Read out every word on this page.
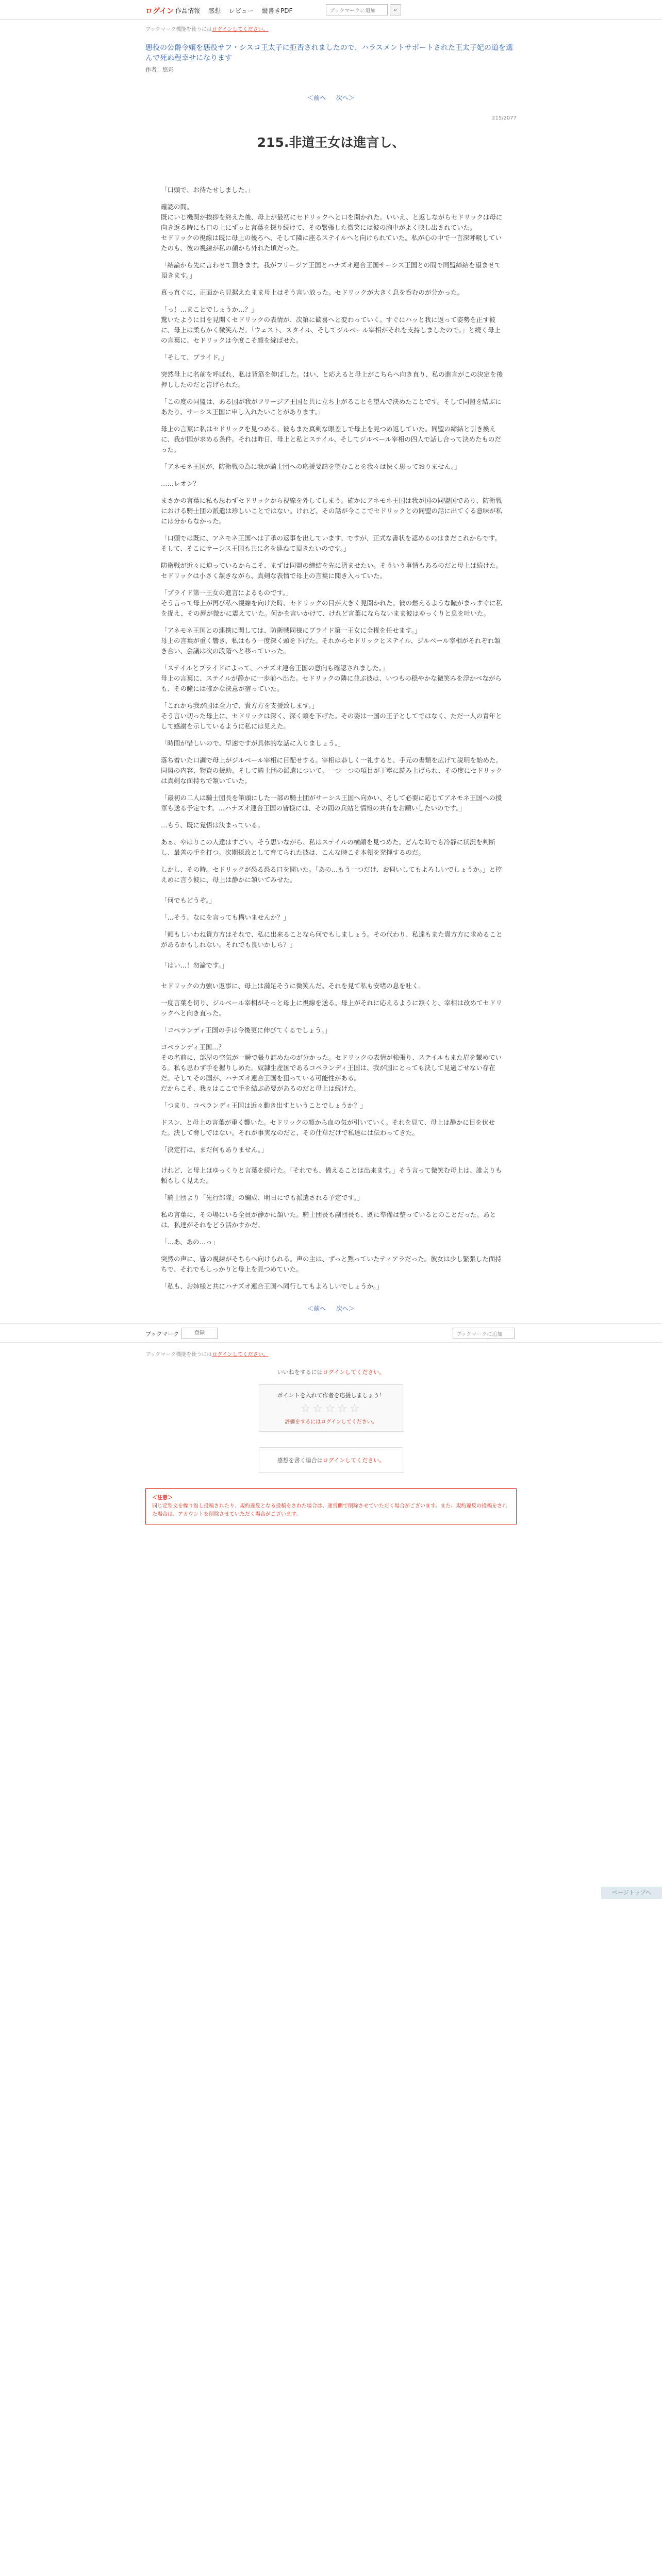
ログイン 作品情報 感想 レビュー 縦書きPDF	ブックマークに追加	⌕
ブックマーク機能を使うにはログインしてください。
悪役の公爵令嬢を悪役サフ・シスコ王太子に拒否されましたので、ハラスメントサポートされた王太子妃の道を選んで死ぬ程幸せになります
作者：悠彩
＜前へ 次へ＞
215/2077
215.非道王女は進言し、

「口頭で、お待たせしました。」

確認の間。
既にいじ機関が挨拶を終えた後、母上が最初にセドリックへと口を開かれた。いいえ、と返しながらセドリックは母に向き返る時にも口の上にずっと言葉を探り続けて、その緊張した微笑には彼の胸中がよく映し出されていた。
セドリックの視線は既に母上の後ろへ、そして隣に座るステイルへと向けられていた。私が心の中で一言深呼吸していたのも、彼の視線が私の顔から外れた頃だった。

「結論から先に言わせて頂きます。我がフリージア王国とハナズオ連合王国サーシス王国との間で同盟締結を望ませて頂きます。」

真っ直ぐに、正面から見据えたまま母上はそう言い放った。セドリックが大きく息を呑むのが分かった。

「っ！…まことでしょうか…？」
驚いたように目を見開くセドリックの表情が、次第に歓喜へと変わっていく。すぐにハッと我に返って姿勢を正す彼に、母上は柔らかく微笑んだ。「ウェスト、スタイル、そしてジルベール宰相がそれを支持しましたので。」と続く母上の言葉に、セドリックは今度こそ顔を綻ばせた。

「そして、プライド。」

突然母上に名前を呼ばれ、私は背筋を伸ばした。はい、と応えると母上がこちらへ向き直り、私の進言がこの決定を後押ししたのだと告げられた。

「この度の同盟は、ある国が我がフリージア王国と共に立ち上がることを望んで決めたことです。そして同盟を結ぶにあたり、サーシス王国に申し入れたいことがあります。」

母上の言葉に私はセドリックを見つめる。彼もまた真剣な眼差しで母上を見つめ返していた。同盟の締結と引き換えに、我が国が求める条件。それは昨日、母上と私とステイル、そしてジルベール宰相の四人で話し合って決めたものだった。

「アネモネ王国が、防衛戦の為に我が騎士団への応援要請を望むことを我々は快く思っておりません。」

……レオン？

まさかの言葉に私も思わずセドリックから視線を外してしまう。確かにアネモネ王国は我が国の同盟国であり、防衛戦における騎士団の派遣は珍しいことではない。けれど、その話が今ここでセドリックとの同盟の話に出てくる意味が私には分からなかった。

「口頭では既に、アネモネ王国へは了承の返事を出しています。ですが、正式な書状を認めるのはまだこれからです。そして、そこにサーシス王国も共に名を連ねて頂きたいのです。」

防衛戦が近々に迫っているからこそ、まずは同盟の締結を先に済ませたい。そういう事情もあるのだと母上は続けた。セドリックは小さく頷きながら、真剣な表情で母上の言葉に聞き入っていた。

「プライド第一王女の進言によるものです。」
そう言って母上が再び私へ視線を向けた時、セドリックの目が大きく見開かれた。彼の燃えるような瞳がまっすぐに私を捉え、その唇が微かに震えていた。何かを言いかけて、けれど言葉にならないまま彼はゆっくりと息を吐いた。

「アネモネ王国との連携に関しては、防衛戦同様にプライド第一王女に全権を任せます。」
母上の言葉が重く響き、私はもう一度深く頭を下げた。それからセドリックとステイル、ジルベール宰相がそれぞれ頷き合い、会議は次の段階へと移っていった。

「ステイルとプライドによって、ハナズオ連合王国の意向も確認されました。」
母上の言葉に、ステイルが静かに一歩前へ出た。セドリックの隣に並ぶ彼は、いつもの穏やかな微笑みを浮かべながらも、その瞳には確かな決意が宿っていた。

「これから我が国は全力で、貴方方を支援致します。」
そう言い切った母上に、セドリックは深く、深く頭を下げた。その姿は一国の王子としてではなく、ただ一人の青年として感謝を示しているように私には見えた。

「時間が惜しいので、早速ですが具体的な話に入りましょう。」

落ち着いた口調で母上がジルベール宰相に目配せする。宰相は恭しく一礼すると、手元の書類を広げて説明を始めた。同盟の内容、物資の援助、そして騎士団の派遣について。一つ一つの項目が丁寧に読み上げられ、その度にセドリックは真剣な面持ちで頷いていた。

「最初の二人は騎士団長を筆頭にした一部の騎士団がサーシス王国へ向かい、そして必要に応じてアネモネ王国への援軍も送る予定です。…ハナズオ連合王国の皆様には、その間の兵站と情報の共有をお願いしたいのです。」

…もう、既に覚悟は決まっている。

あぁ、やはりこの人達はすごい。そう思いながら、私はステイルの横顔を見つめた。どんな時でも冷静に状況を判断し、最善の手を打つ。次期摂政として育てられた彼は、こんな時こそ本領を発揮するのだ。

しかし、その時。セドリックが恐る恐る口を開いた。「あの…もう一つだけ、お伺いしてもよろしいでしょうか。」と控えめに言う彼に、母上は静かに頷いてみせた。

「何でもどうぞ。」

「…そう、なにを言っても構いませんか？」

「頼もしいわね貴方方はそれで、私に出来ることなら何でもしましょう。その代わり、私達もまた貴方方に求めることがあるかもしれない。それでも良いかしら？」

「はい…！勿論です。」

セドリックの力強い返事に、母上は満足そうに微笑んだ。それを見て私も安堵の息を吐く。

一度言葉を切り、ジルベール宰相がそっと母上に視線を送る。母上がそれに応えるように頷くと、宰相は改めてセドリックへと向き直った。

「コペランディ王国の手は今後更に伸びてくるでしょう。」

コペランディ王国…？
その名前に、部屋の空気が一瞬で張り詰めたのが分かった。セドリックの表情が強張り、ステイルもまた眉を顰めている。私も思わず手を握りしめた。奴隷生産国であるコペランディ王国は、我が国にとっても決して見過ごせない存在だ。そしてその国が、ハナズオ連合王国を狙っている可能性がある。
だからこそ、我々はここで手を結ぶ必要があるのだと母上は続けた。

「つまり、コペランディ王国は近々動き出すということでしょうか？」

ドスン、と母上の言葉が重く響いた。セドリックの顔から血の気が引いていく。それを見て、母上は静かに目を伏せた。決して脅しではない。それが事実なのだと、その仕草だけで私達には伝わってきた。

「決定打は、まだ何もありません。」

けれど、と母上はゆっくりと言葉を続けた。「それでも、備えることは出来ます。」そう言って微笑む母上は、誰よりも頼もしく見えた。

「騎士団より「先行部隊」の編成、明日にでも派遣される予定です。」

私の言葉に、その場にいる全員が静かに頷いた。騎士団長も副団長も、既に準備は整っているとのことだった。あとは、私達がそれをどう活かすかだ。

「…あ、あの…っ」

突然の声に、皆の視線がそちらへ向けられる。声の主は、ずっと黙っていたティアラだった。彼女は少し緊張した面持ちで、それでもしっかりと母上を見つめていた。

「私も、お姉様と共にハナズオ連合王国へ同行してもよろしいでしょうか。」

＜前へ 次へ＞
ブックマーク	登録	ブックマークに追加
ブックマーク機能を使うにはログインしてください。
いいねをするにはログインしてください。
ポイントを入れて作者を応援しましょう！
☆☆☆☆☆
評価をするにはログインしてください。
感想を書く場合はログインしてください。
＜注意＞
同じ定型文を繰り返し投稿されたり、規約違反となる投稿をされた場合は、運営側で削除させていただく場合がございます。また、規約違反の投稿をされた場合は、アカウントを削除させていただく場合がございます。
ページトップへ
